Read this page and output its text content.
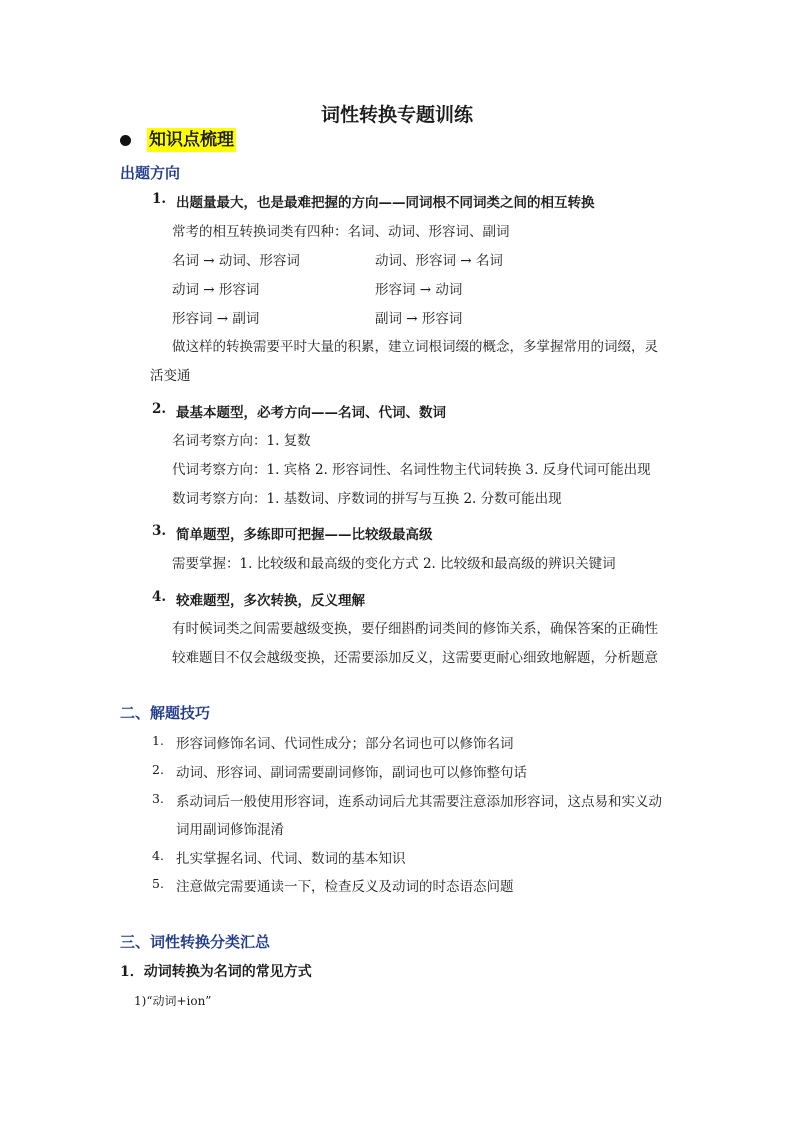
词性转换专题训练
知识点梳理
出题方向
1. 出题量最大，也是最难把握的方向——同词根不同词类之间的相互转换
常考的相互转换词类有四种：名词、动词、形容词、副词
名词 → 动词、形容词	动词、形容词 → 名词
动词 → 形容词	形容词 → 动词
形容词 → 副词	副词 → 形容词
做这样的转换需要平时大量的积累，建立词根词缀的概念，多掌握常用的词缀，灵
活变通
2. 最基本题型，必考方向——名词、代词、数词
名词考察方向：1. 复数
代词考察方向：1. 宾格 2. 形容词性、名词性物主代词转换 3. 反身代词可能出现
数词考察方向：1. 基数词、序数词的拼写与互换 2. 分数可能出现
3. 简单题型，多练即可把握——比较级最高级
需要掌握：1. 比较级和最高级的变化方式 2. 比较级和最高级的辨识关键词
4. 较难题型，多次转换，反义理解
有时候词类之间需要越级变换，要仔细斟酌词类间的修饰关系，确保答案的正确性
较难题目不仅会越级变换，还需要添加反义，这需要更耐心细致地解题，分析题意
二、解题技巧
1. 形容词修饰名词、代词性成分；部分名词也可以修饰名词
2. 动词、形容词、副词需要副词修饰，副词也可以修饰整句话
3. 系动词后一般使用形容词，连系动词后尤其需要注意添加形容词，这点易和实义动
词用副词修饰混淆
4. 扎实掌握名词、代词、数词的基本知识
5. 注意做完需要通读一下，检查反义及动词的时态语态问题
三、词性转换分类汇总
1．动词转换为名词的常见方式
1)“动词+ion”
